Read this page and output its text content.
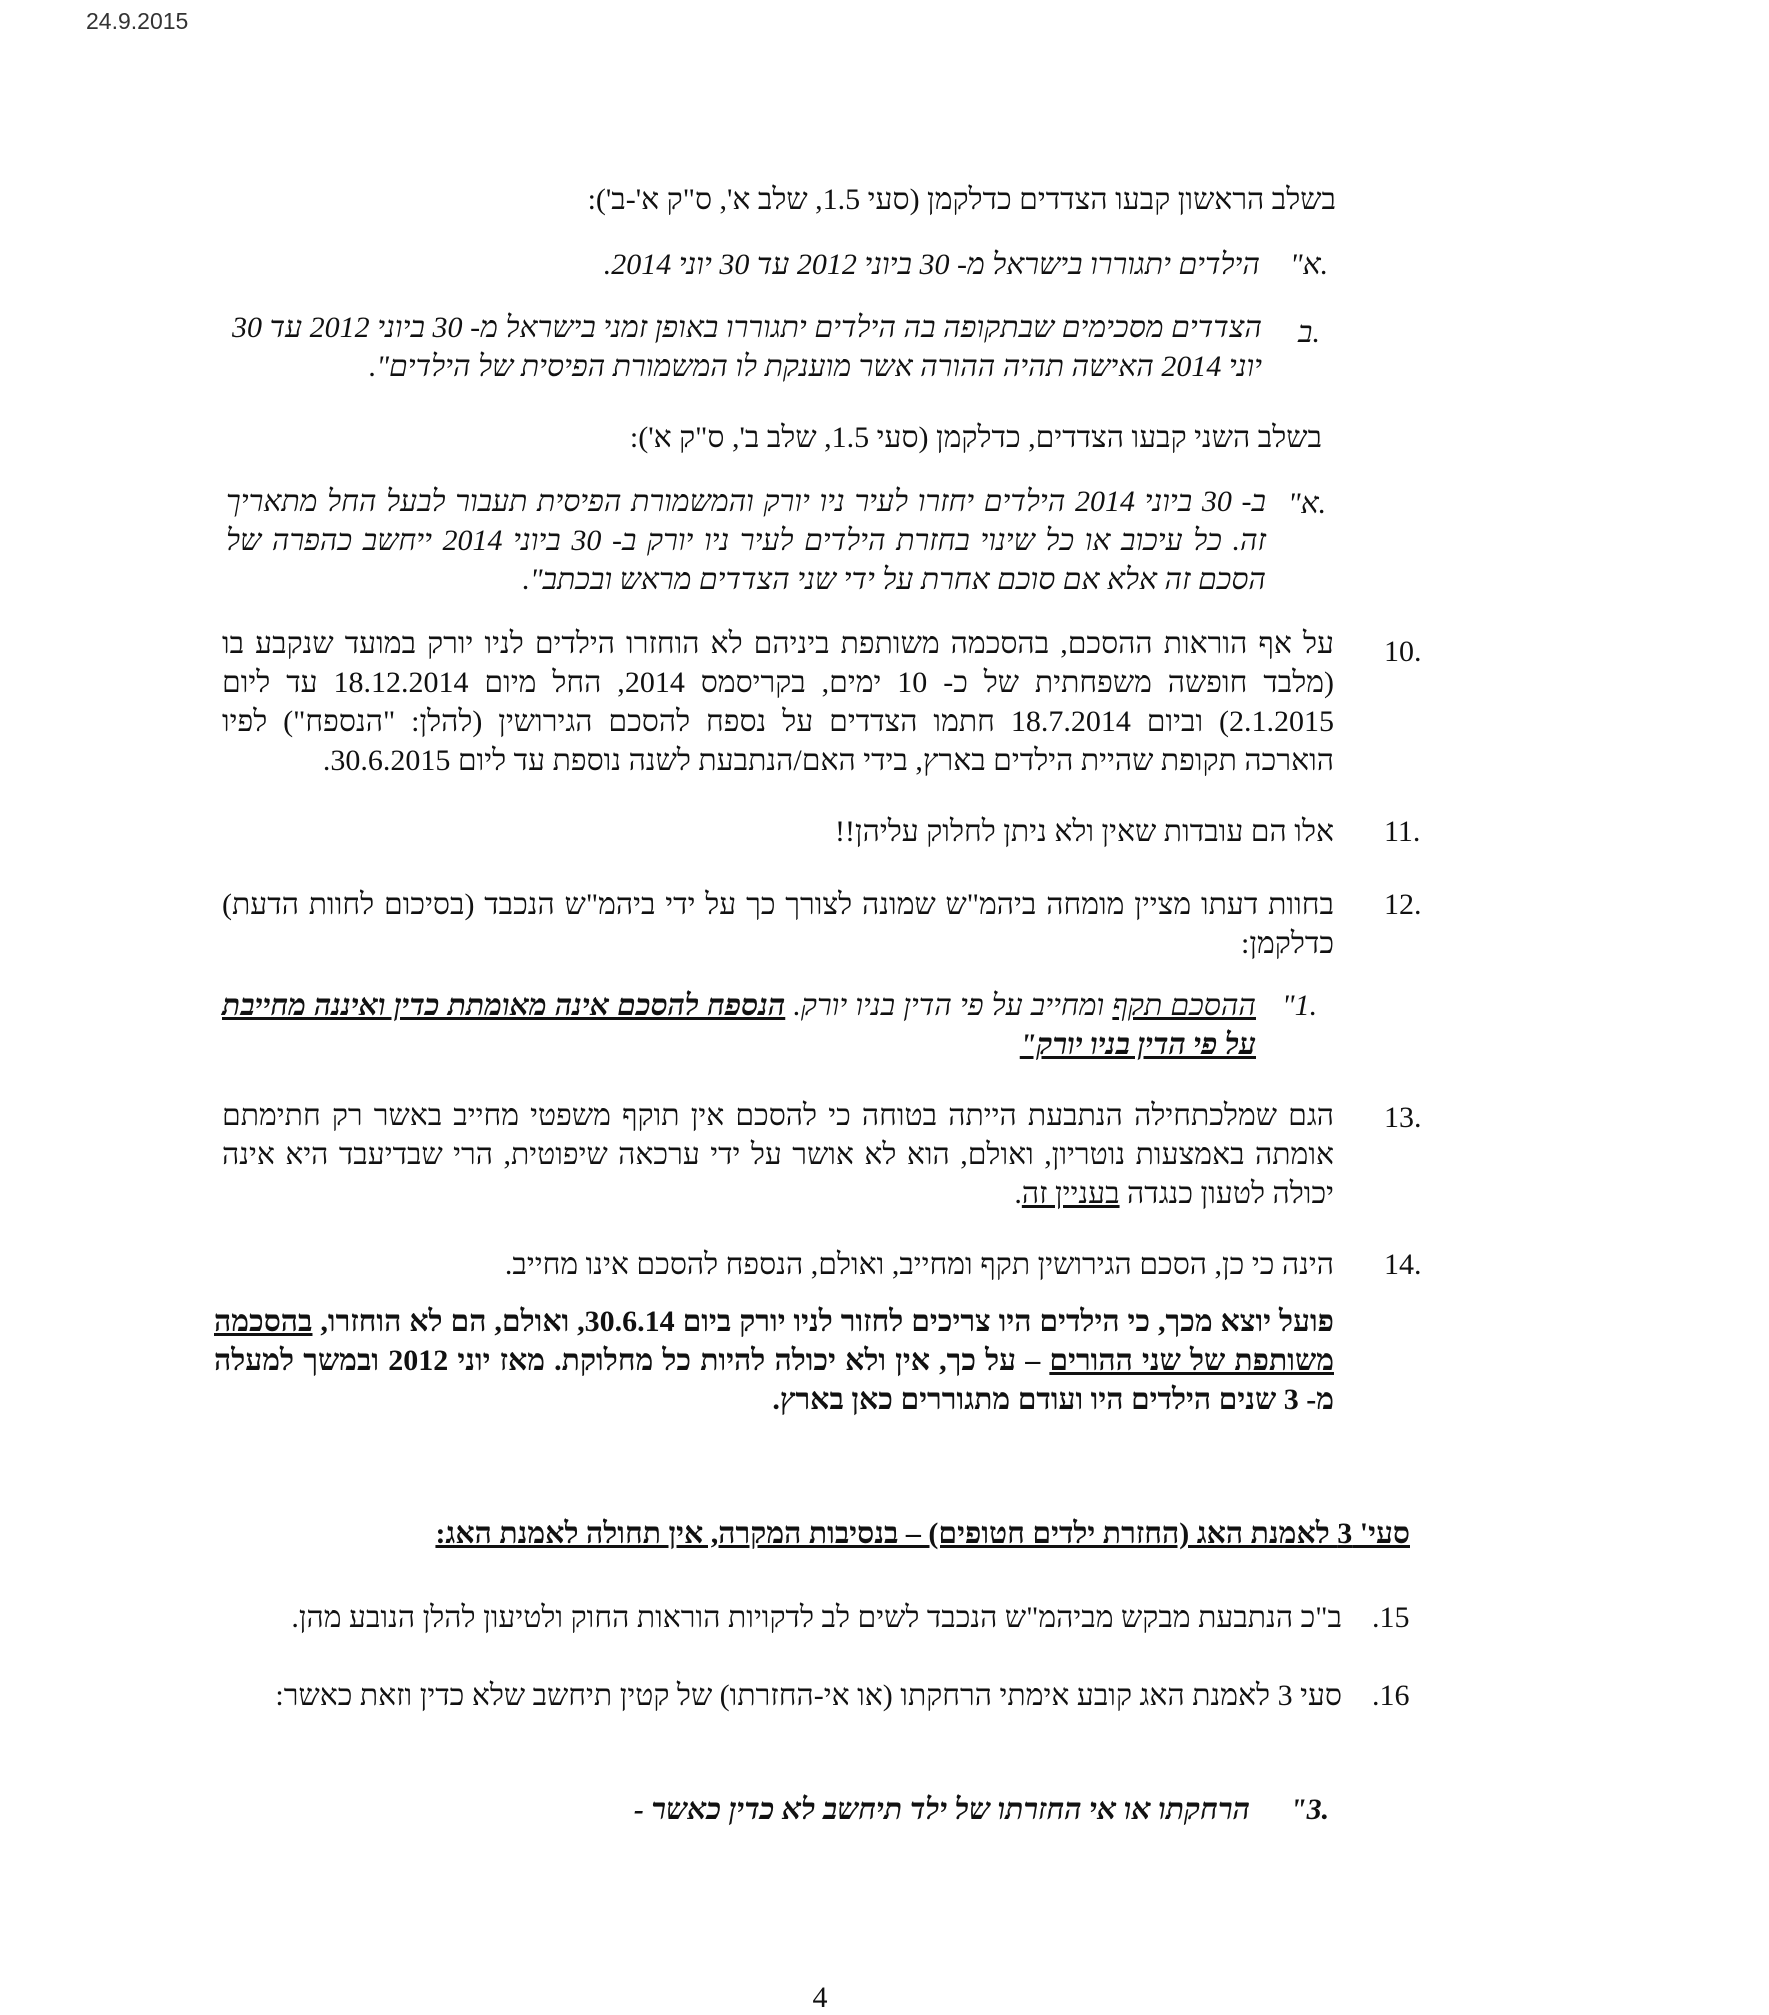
24.9.2015

בשלב הראשון קבעו הצדדים כדלקמן (סעי 1.5, שלב א', ס"ק א'-ב'):

"א.

הילדים יתגוררו בישראל מ- 30 ביוני 2012 עד 30 יוני 2014.

ב.

הצדדים מסכימים שבתקופה בה הילדים יתגוררו באופן זמני בישראל מ- 30 ביוני 2012 עד 30 יוני 2014 האישה תהיה ההורה אשר מוענקת לו המשמורת הפיסית של הילדים".

בשלב השני קבעו הצדדים, כדלקמן (סעי 1.5, שלב ב', ס"ק א'):

"א.

ב- 30 ביוני 2014 הילדים יחזרו לעיר ניו יורק והמשמורת הפיסית תעבור לבעל החל מתאריך זה. כל עיכוב או כל שינוי בחזרת הילדים לעיר ניו יורק ב- 30 ביוני 2014 ייחשב כהפרה של הסכם זה אלא אם סוכם אחרת על ידי שני הצדדים מראש ובכתב".

10.

על אף הוראות ההסכם, בהסכמה משותפת ביניהם לא הוחזרו הילדים לניו יורק במועד שנקבע בו (מלבד חופשה משפחתית של כ- 10 ימים, בקריסמס 2014, החל מיום 18.12.2014 עד ליום 2.1.2015) וביום 18.7.2014 חתמו הצדדים על נספח להסכם הגירושין (להלן: "הנספח") לפיו הוארכה תקופת שהיית הילדים בארץ, בידי האם/הנתבעת לשנה נוספת עד ליום 30.6.2015.

11.

אלו הם עובדות שאין ולא ניתן לחלוק עליהן!!

12.

בחוות דעתו מציין מומחה ביהמ"ש שמונה לצורך כך על ידי ביהמ"ש הנכבד (בסיכום לחוות הדעת) כדלקמן:

"1.

ההסכם תקף ומחייב על פי הדין בניו יורק. הנספח להסכם אינה מאומתת כדין ואיננה מחייבת על פי הדין בניו יורק"

13.

הגם שמלכתחילה הנתבעת הייתה בטוחה כי להסכם אין תוקף משפטי מחייב באשר רק חתימתם אומתה באמצעות נוטריון, ואולם, הוא לא אושר על ידי ערכאה שיפוטית, הרי שבדיעבד היא אינה יכולה לטעון כנגדה בעניין זה.

14.

הינה כי כן, הסכם הגירושין תקף ומחייב, ואולם, הנספח להסכם אינו מחייב.

פועל יוצא מכך, כי הילדים היו צריכים לחזור לניו יורק ביום 30.6.14, ואולם, הם לא הוחזרו, בהסכמה משותפת של שני ההורים – על כך, אין ולא יכולה להיות כל מחלוקת. מאז יוני 2012 ובמשך למעלה מ- 3 שנים הילדים היו ועודם מתגוררים כאן בארץ.

סעי' 3 לאמנת האג (החזרת ילדים חטופים) – בנסיבות המקרה, אין תחולה לאמנת האג:

.15

ב"כ הנתבעת מבקש מביהמ"ש הנכבד לשים לב לדקויות הוראות החוק ולטיעון להלן הנובע מהן.

.16

סעי 3 לאמנת האג קובע אימתי הרחקתו (או אי-החזרתו) של קטין תיחשב שלא כדין וזאת כאשר:

"3.

הרחקתו או אי החזרתו של ילד תיחשב לא כדין כאשר -

4
